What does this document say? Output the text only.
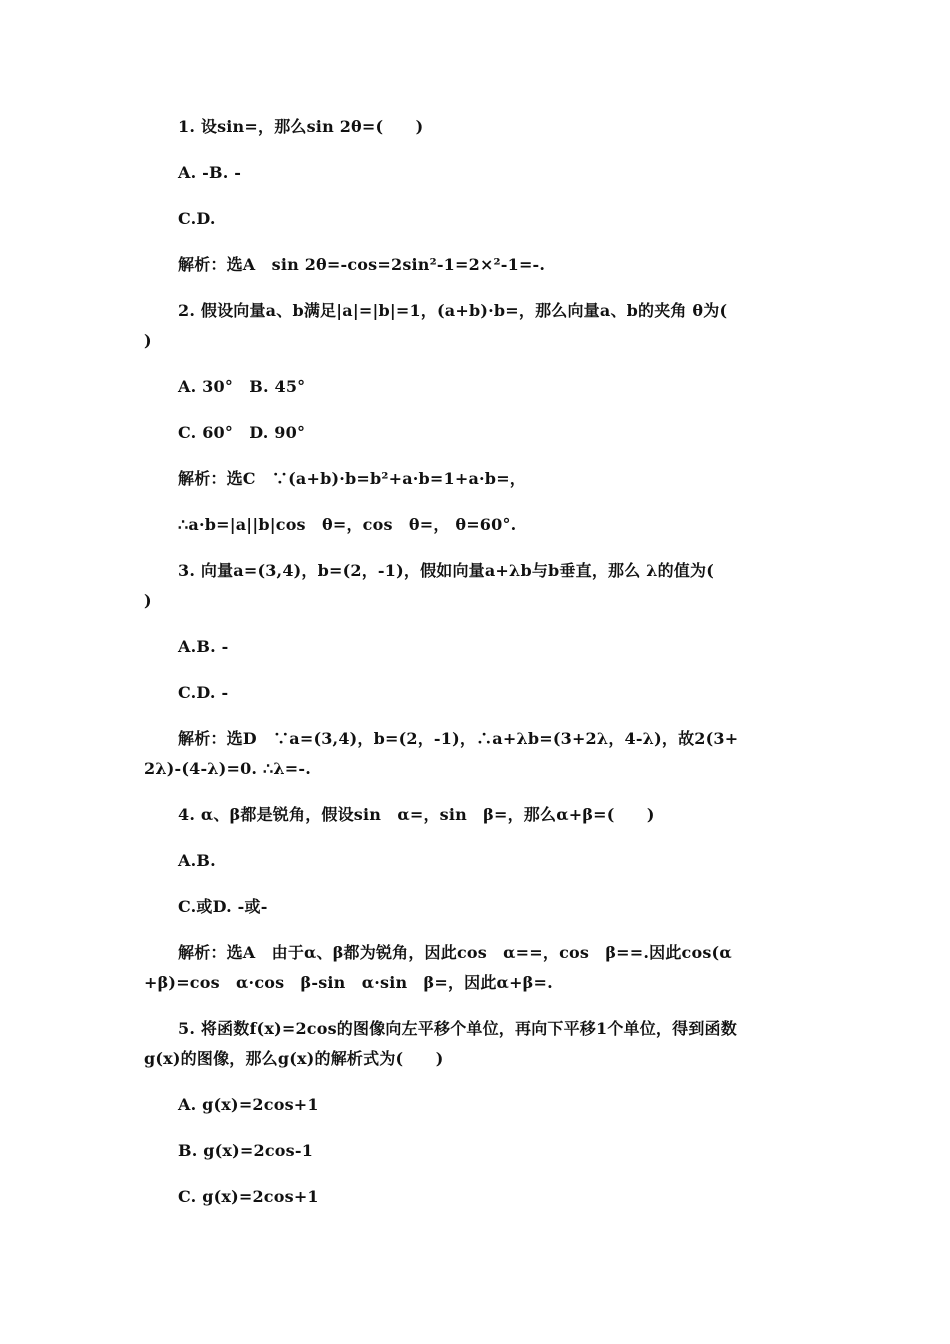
1. 设sin=，那么sin 2θ=(　　)
A. -B. -
C.D.
解析：选A　sin 2θ=-cos=2sin²-1=2×²-1=-.
2. 假设向量a、b满足|a|=|b|=1，(a+b)·b=，那么向量a、b的夹角 θ为(
)
A. 30°　B. 45°
C. 60°　D. 90°
解析：选C　∵(a+b)·b=b²+a·b=1+a·b=，
∴a·b=|a||b|cos　θ=，cos　θ=， θ=60°.
3. 向量a=(3,4)，b=(2，-1)，假如向量a+λb与b垂直，那么 λ的值为(
)
A.B. -
C.D. -
解析：选D　∵a=(3,4)，b=(2，-1)，∴a+λb=(3+2λ，4-λ)，故2(3+
2λ)-(4-λ)=0. ∴λ=-.
4. α、β都是锐角，假设sin　α=，sin　β=，那么α+β=(　　)
A.B.
C.或D. -或-
解析：选A　由于α、β都为锐角，因此cos　α==，cos　β==.因此cos(α
+β)=cos　α·cos　β-sin　α·sin　β=，因此α+β=.
5. 将函数f(x)=2cos的图像向左平移个单位，再向下平移1个单位，得到函数
g(x)的图像，那么g(x)的解析式为(　　)
A. g(x)=2cos+1
B. g(x)=2cos-1
C. g(x)=2cos+1
